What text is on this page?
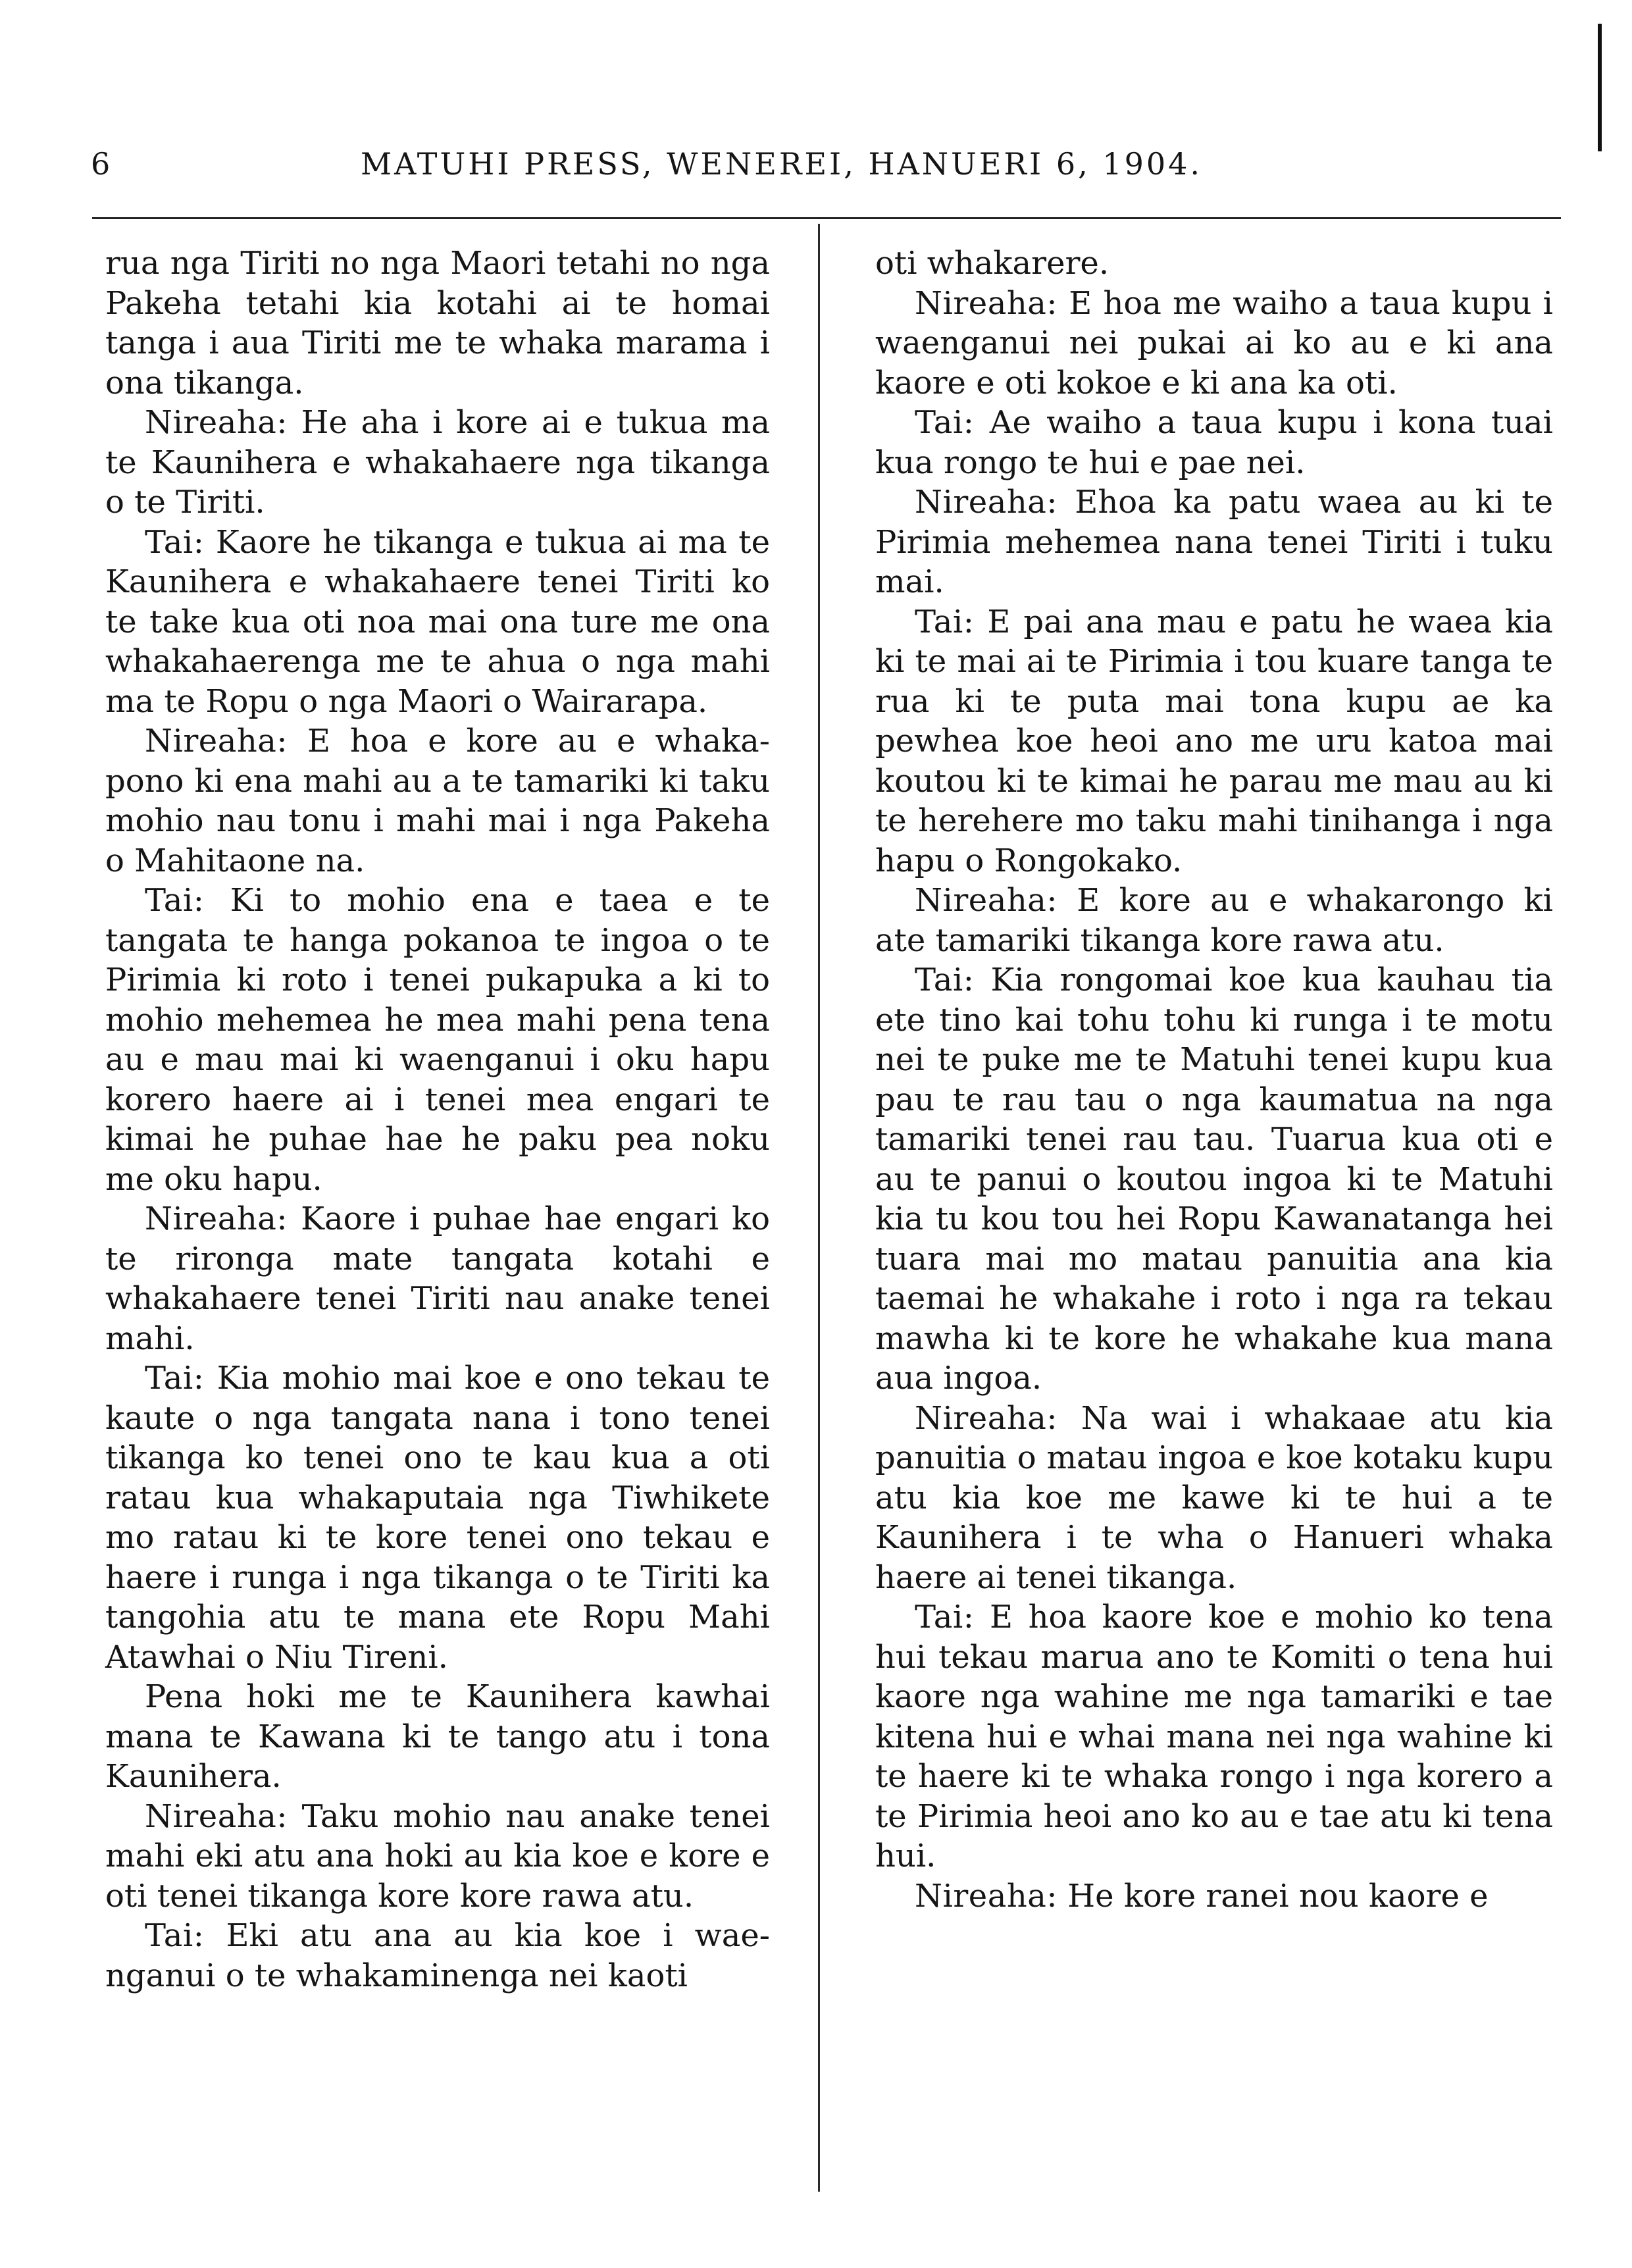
6	MATUHI PRESS, WENEREI, HANUERI 6, 1904.

rua nga Tiriti no nga Maori tetahi no nga Pakeha tetahi kia kotahi ai te homai tanga i aua Tiriti me te whaka marama i ona tikanga.

Nireaha: He aha i kore ai e tukua ma te Kaunihera e whakahaere nga tikanga o te Tiriti.

Tai: Kaore he tikanga e tukua ai ma te Kaunihera e whakahaere tenei Tiriti ko te take kua oti noa mai ona ture me ona whakahaerenga me te ahua o nga mahi ma te Ropu o nga Maori o Wairarapa.

Nireaha: E hoa e kore au e whakapono ki ena mahi au a te tamariki ki taku mohio nau tonu i mahi mai i nga Pakeha o Mahitaone na.

Tai: Ki to mohio ena e taea e te tangata te hanga pokanoa te ingoa o te Pirimia ki roto i tenei pukapuka a ki to mohio mehemea he mea mahi pena tena au e mau mai ki waenganui i oku hapu korero haere ai i tenei mea engari te kimai he puhae hae he paku pea noku me oku hapu.

Nireaha: Kaore i puhae hae engari ko te rironga mate tangata kotahi e whakahaere tenei Tiriti nau anake tenei mahi.

Tai: Kia mohio mai koe e ono tekau te kaute o nga tangata nana i tono tenei tikanga ko tenei ono te kau kua a oti ratau kua whakaputaia nga Tiwhikete mo ratau ki te kore tenei ono tekau e haere i runga i nga tikanga o te Tiriti ka tangohia atu te mana ete Ropu Mahi Atawhai o Niu Tireni.

Pena hoki me te Kaunihera kawhai mana te Kawana ki te tango atu i tona Kaunihera.

Nireaha: Taku mohio nau anake tenei mahi eki atu ana hoki au kia koe e kore e oti tenei tikanga kore kore rawa atu.

Tai: Eki atu ana au kia koe i waenganui o te whakaminenga nei kaoti

oti whakarere.

Nireaha: E hoa me waiho a taua kupu i waenganui nei pukai ai ko au e ki ana kaore e oti kokoe e ki ana ka oti.

Tai: Ae waiho a taua kupu i kona tuai kua rongo te hui e pae nei.

Nireaha: Ehoa ka patu waea au ki te Pirimia mehemea nana tenei Tiriti i tuku mai.

Tai: E pai ana mau e patu he waea kia ki te mai ai te Pirimia i tou kuare tanga te rua ki te puta mai tona kupu ae ka pewhea koe heoi ano me uru katoa mai koutou ki te kimai he parau me mau au ki te herehere mo taku mahi tinihanga i nga hapu o Rongokako.

Nireaha: E kore au e whakarongo ki ate tamariki tikanga kore rawa atu.

Tai: Kia rongomai koe kua kauhau tia ete tino kai tohu tohu ki runga i te motu nei te puke me te Matuhi tenei kupu kua pau te rau tau o nga kaumatua na nga tamariki tenei rau tau. Tuarua kua oti e au te panui o koutou ingoa ki te Matuhi kia tu kou tou hei Ropu Kawanatanga hei tuara mai mo matau panuitia ana kia taemai he whakahe i roto i nga ra tekau mawha ki te kore he whakahe kua mana aua ingoa.

Nireaha: Na wai i whakaae atu kia panuitia o matau ingoa e koe kotaku kupu atu kia koe me kawe ki te hui a te Kaunihera i te wha o Hanueri whaka haere ai tenei tikanga.

Tai: E hoa kaore koe e mohio ko tena hui tekau marua ano te Komiti o tena hui kaore nga wahine me nga tamariki e tae kitena hui e whai mana nei nga wahine ki te haere ki te whaka rongo i nga korero a te Pirimia heoi ano ko au e tae atu ki tena hui.

Nireaha: He kore ranei nou kaore e
